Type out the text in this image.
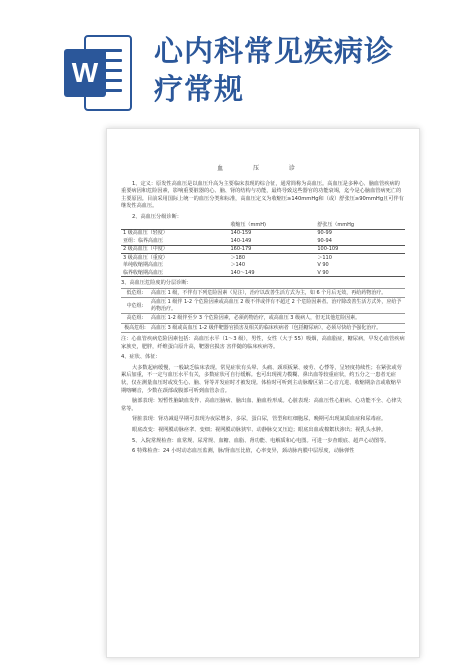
W
心内科常见疾病诊
疗常规
血 压 诊

1、定义：原发性高血压是以血压升高为主要临床表现的综合征，通常简称为高血压。高血压是多种心、脑血管疾病的重要病因和危险因素，影响重要脏器的心、脑、肾的结构与功能，最终导致这些器官的功能衰竭，迄今是心脑血管病死亡的主要原因。目前采用国际上统一的血压分类和标准，高血压定义为收缩压≥140mmHg和（或）舒张压≥90mmHg且可伴有继发性高血压。

2、高血压分级诊断：

	收缩压（mmH)	舒张压（mmHg
1 级高血压（轻度）	140-159	90-99
亚组：临界高血压	140-149	90-94
2 级高血压（中度）	160-179	100-109
3 级高血压（重度）	＞180	＞110
单纯收缩期高血压	＞140	V 90
临界收缩期高血压	140～149	V 90

3、高血压危险度的分层诊断：

低危组:	高血压 1 级，不伴有下列危险因素（见注），治疗以改善生活方式为主，如 6 个月后无效，再给药物治疗。
中危组:	高血压 1 级伴 1-2 个危险因素或高血压 2 级不伴或伴有不超过 2 个危险因素者。治疗除改善生活方式外，应给予药物治疗。
高危组:	高血压 1-2 级伴至少 3 个危险因素，必须药物治疗，或高血压 3 级病人，但无其他危险因素。
极高危组:	高血压 3 级或高血压 1-2 级伴靶器官损害及相关的临床疾病者（包括糖尿病），必须尽快给予强化治疗。

注：心血管疾病危险因素包括：高血压水平（1～3 级），男性，女性（大于 55）吸烟，高血脂症，糖尿病，早发心血管疾病家族史，肥胖，纤维蛋白原升高，靶器官损害 害伴随的临床疾病等。

4、症状、体征：

大多数起病缓慢，一般缺乏临床表现。常见症状有头晕、头痛、颈项板紧、疲劳、心悸等，呈轻度持续性；在紧张或劳累后加重，不一定与血压水平有关，多数症状可自行缓解。也可出现视力模糊、鼻出血等较重症状，约五分之一患者无症状，仅在测量血压时或发生心、脑、肾等并发症时才被发现。体检时可听到主动脉瓣区第二心音亢进、收缩期杂音或收缩早期喀喇音，少数在颈部或腹部可听到血管杂音。

脑部表现：短暂性脑缺血发作、高血压脑病、脑出血、脑血栓形成。心脏表现：高血压性心脏病、心功能不全、心律失常等。

肾脏表现：肾功减退早期可表现为夜尿增多，多尿，蛋白尿，管型和红细胞尿，晚期可出现氮质血症和尿毒症。

眼底改变：视网膜动脉痉挛、变细；视网膜动脉狭窄、动静脉交叉压迫；眼底出血或棉絮状渗出；视乳头水肿。

5、入院常规检查：血常规、尿常规、血糖、血脂、肾功能、电解质和心电图。可进一步查眼底、超声心动图等。

6 特殊检查：24 小时动态血压监测，脉/肾血压比值，心率变异，颈动脉内膜中层厚度，动脉弹性
